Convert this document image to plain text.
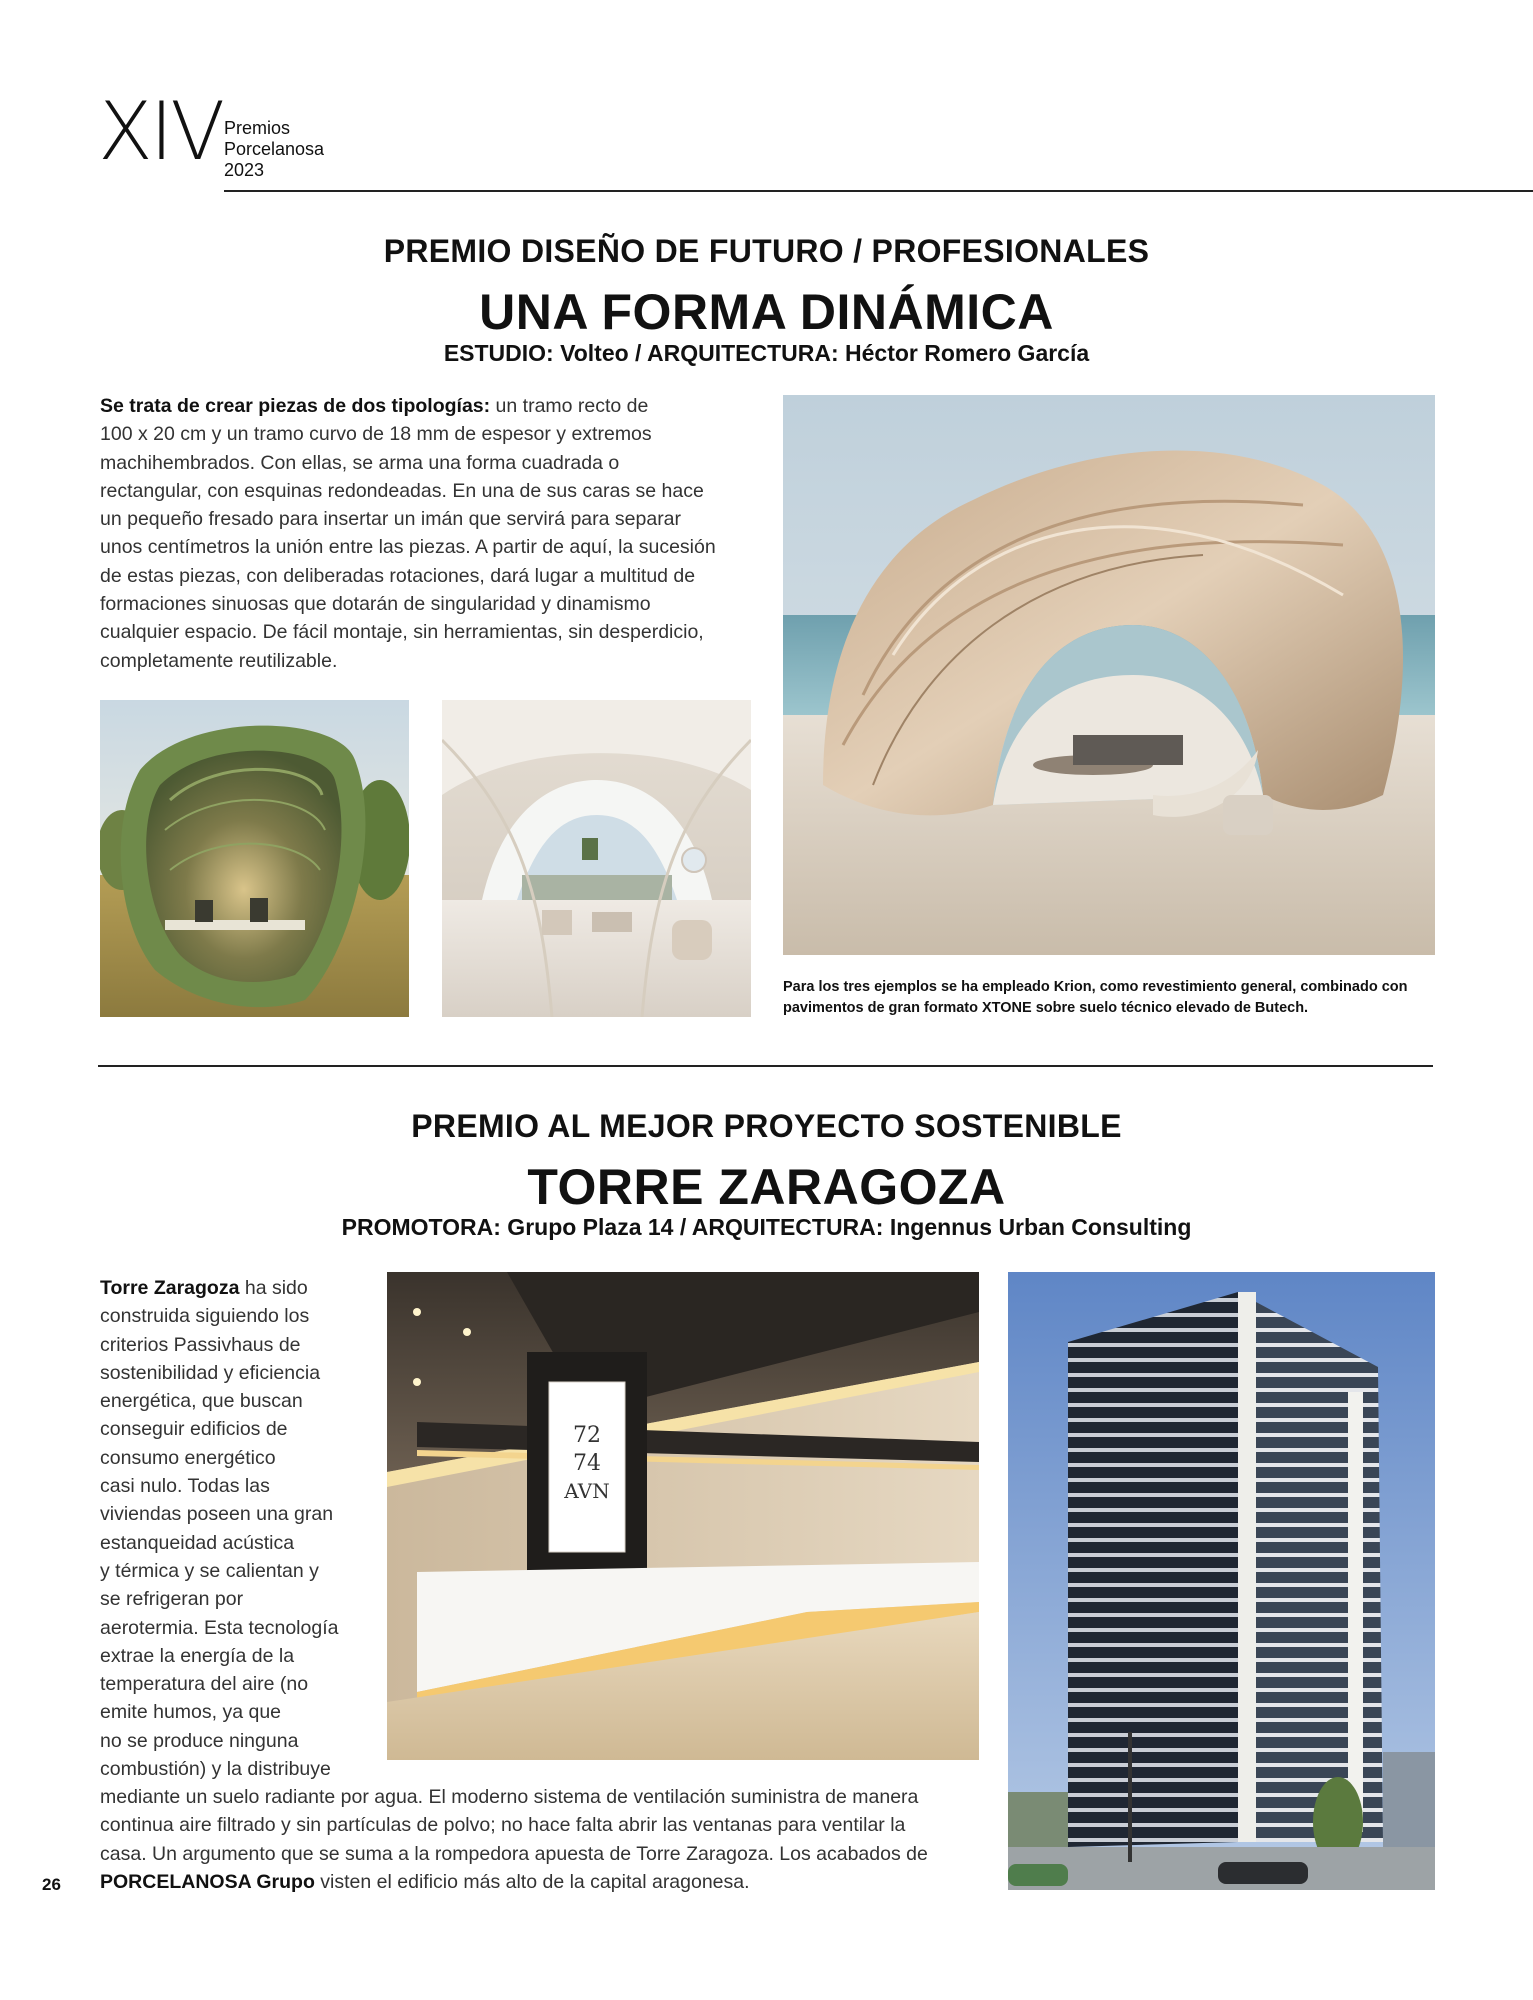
XIV Premios
Porcelanosa
2023
PREMIO DISEÑO DE FUTURO / PROFESIONALES
UNA FORMA DINÁMICA
ESTUDIO: Volteo / ARQUITECTURA: Héctor Romero García
Se trata de crear piezas de dos tipologías: un tramo recto de
100 x 20 cm y un tramo curvo de 18 mm de espesor y extremos
machihembrados. Con ellas, se arma una forma cuadrada o
rectangular, con esquinas redondeadas. En una de sus caras se hace
un pequeño fresado para insertar un imán que servirá para separar
unos centímetros la unión entre las piezas. A partir de aquí, la sucesión
de estas piezas, con deliberadas rotaciones, dará lugar a multitud de
formaciones sinuosas que dotarán de singularidad y dinamismo
cualquier espacio. De fácil montaje, sin herramientas, sin desperdicio,
completamente reutilizable.
Para los tres ejemplos se ha empleado Krion, como revestimiento general, combinado con
pavimentos de gran formato XTONE sobre suelo técnico elevado de Butech.
PREMIO AL MEJOR PROYECTO SOSTENIBLE
TORRE ZARAGOZA
PROMOTORA: Grupo Plaza 14 / ARQUITECTURA: Ingennus Urban Consulting
Torre Zaragoza ha sido
construida siguiendo los
criterios Passivhaus de
sostenibilidad y eficiencia
energética, que buscan
conseguir edificios de
consumo energético
casi nulo. Todas las
viviendas poseen una gran
estanqueidad acústica
y térmica y se calientan y
se refrigeran por
aerotermia. Esta tecnología
extrae la energía de la
temperatura del aire (no
emite humos, ya que
no se produce ninguna
combustión) y la distribuye
mediante un suelo radiante por agua. El moderno sistema de ventilación suministra de manera
continua aire filtrado y sin partículas de polvo; no hace falta abrir las ventanas para ventilar la
casa. Un argumento que se suma a la rompedora apuesta de Torre Zaragoza. Los acabados de
PORCELANOSA Grupo visten el edificio más alto de la capital aragonesa.
72
74
AVN
26
